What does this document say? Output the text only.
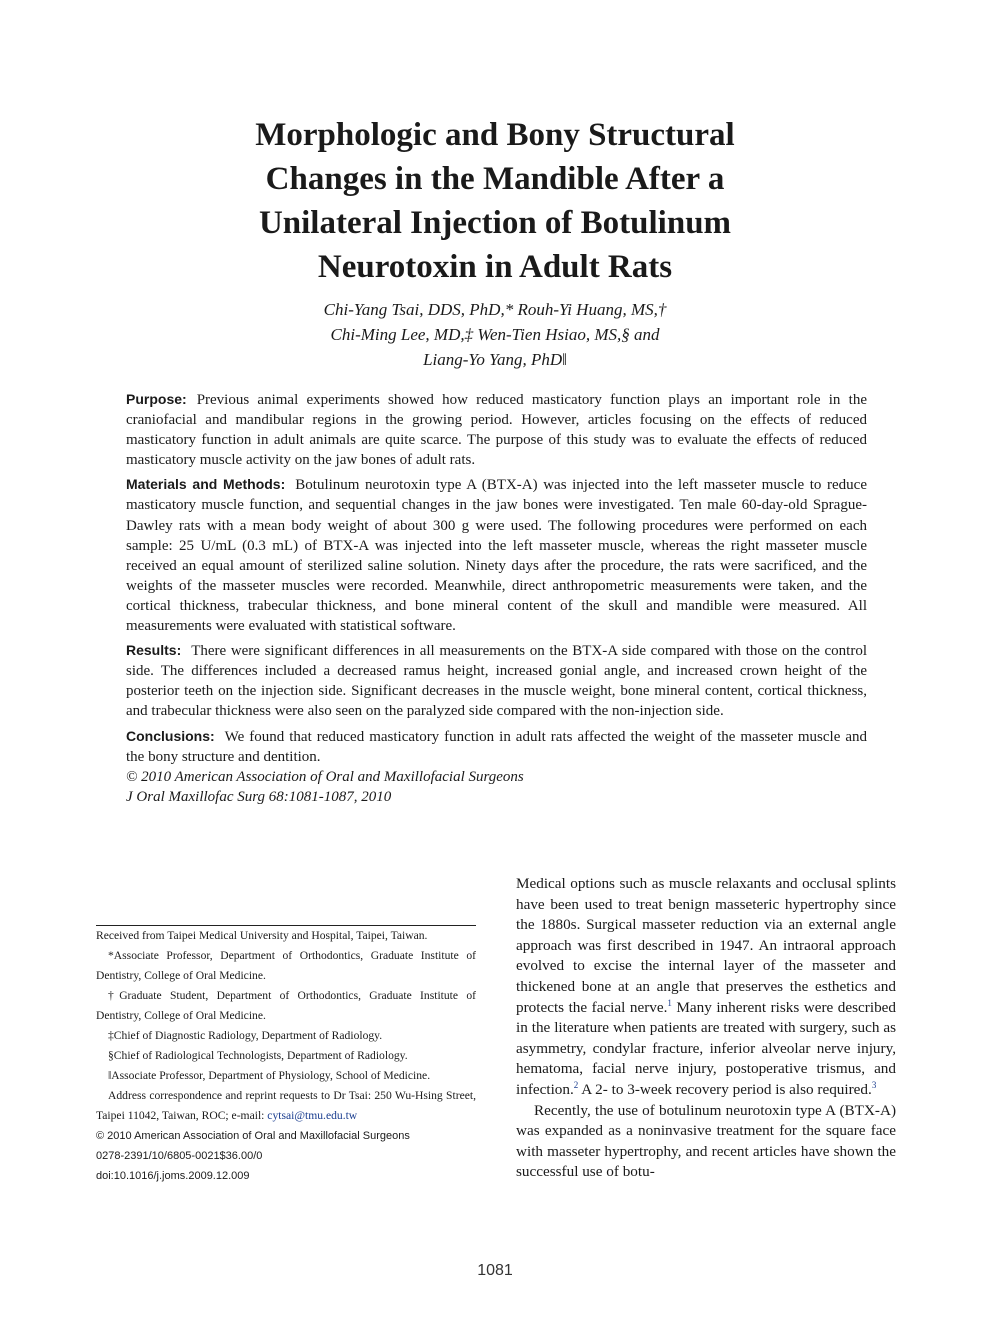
Morphologic and Bony Structural
Changes in the Mandible After a
Unilateral Injection of Botulinum
Neurotoxin in Adult Rats
Chi-Yang Tsai, DDS, PhD,* Rouh-Yi Huang, MS,†
Chi-Ming Lee, MD,‡ Wen-Tien Hsiao, MS,§ and
Liang-Yo Yang, PhD‖

Purpose: Previous animal experiments showed how reduced masticatory function plays an important role in the craniofacial and mandibular regions in the growing period. However, articles focusing on the effects of reduced masticatory function in adult animals are quite scarce. The purpose of this study was to evaluate the effects of reduced masticatory muscle activity on the jaw bones of adult rats.

Materials and Methods: Botulinum neurotoxin type A (BTX-A) was injected into the left masseter muscle to reduce masticatory muscle function, and sequential changes in the jaw bones were investigated. Ten male 60-day-old Sprague-Dawley rats with a mean body weight of about 300 g were used. The following procedures were performed on each sample: 25 U/mL (0.3 mL) of BTX-A was injected into the left masseter muscle, whereas the right masseter muscle received an equal amount of sterilized saline solution. Ninety days after the procedure, the rats were sacrificed, and the weights of the masseter muscles were recorded. Meanwhile, direct anthropometric measurements were taken, and the cortical thickness, trabecular thickness, and bone mineral content of the skull and mandible were measured. All measurements were evaluated with statistical software.

Results: There were significant differences in all measurements on the BTX-A side compared with those on the control side. The differences included a decreased ramus height, increased gonial angle, and increased crown height of the posterior teeth on the injection side. Significant decreases in the muscle weight, bone mineral content, cortical thickness, and trabecular thickness were also seen on the paralyzed side compared with the non-injection side.

Conclusions: We found that reduced masticatory function in adult rats affected the weight of the masseter muscle and the bony structure and dentition.

© 2010 American Association of Oral and Maxillofacial Surgeons

J Oral Maxillofac Surg 68:1081-1087, 2010

Received from Taipei Medical University and Hospital, Taipei, Taiwan.

*Associate Professor, Department of Orthodontics, Graduate Institute of Dentistry, College of Oral Medicine.

†Graduate Student, Department of Orthodontics, Graduate Institute of Dentistry, College of Oral Medicine.

‡Chief of Diagnostic Radiology, Department of Radiology.

§Chief of Radiological Technologists, Department of Radiology.

‖Associate Professor, Department of Physiology, School of Medicine.

Address correspondence and reprint requests to Dr Tsai: 250 Wu-Hsing Street, Taipei 11042, Taiwan, ROC; e-mail: cytsai@tmu.edu.tw

© 2010 American Association of Oral and Maxillofacial Surgeons

0278-2391/10/6805-0021$36.00/0

doi:10.1016/j.joms.2009.12.009

Medical options such as muscle relaxants and occlusal splints have been used to treat benign masseteric hypertrophy since the 1880s. Surgical masseter reduction via an external angle approach was first described in 1947. An intraoral approach evolved to excise the internal layer of the masseter and thickened bone at an angle that preserves the esthetics and protects the facial nerve.$^1$ Many inherent risks were described in the literature when patients are treated with surgery, such as asymmetry, condylar fracture, inferior alveolar nerve injury, hematoma, facial nerve injury, postoperative trismus, and infection.$^2$ A 2- to 3-week recovery period is also required.$^3$

Recently, the use of botulinum neurotoxin type A (BTX-A) was expanded as a noninvasive treatment for the square face with masseter hypertrophy, and recent articles have shown the successful use of botu-

1081
